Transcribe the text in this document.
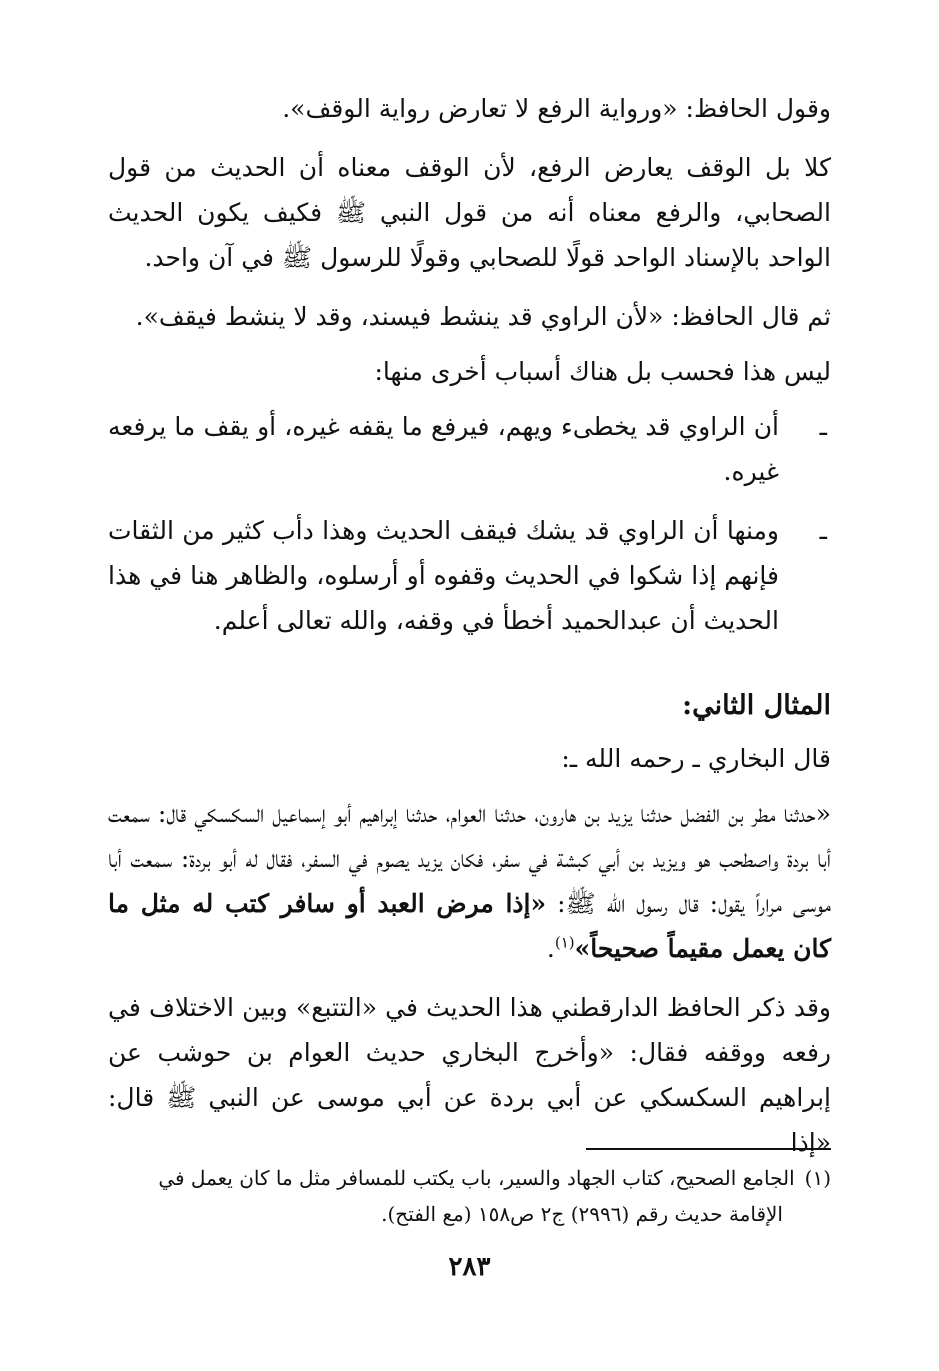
وقول الحافظ: «ورواية الرفع لا تعارض رواية الوقف».

كلا بل الوقف يعارض الرفع، لأن الوقف معناه أن الحديث من قول الصحابي، والرفع معناه أنه من قول النبي ﷺ فكيف يكون الحديث الواحد بالإسناد الواحد قولًا للصحابي وقولًا للرسول ﷺ في آن واحد.

ثم قال الحافظ: «لأن الراوي قد ينشط فيسند، وقد لا ينشط فيقف».

ليس هذا فحسب بل هناك أسباب أخرى منها:

ـ
أن الراوي قد يخطىء ويهم، فيرفع ما يقفه غيره، أو يقف ما يرفعه غيره.
ـ
ومنها أن الراوي قد يشك فيقف الحديث وهذا دأب كثير من الثقات فإنهم إذا شكوا في الحديث وقفوه أو أرسلوه، والظاهر هنا في هذا الحديث أن عبدالحميد أخطأ في وقفه، والله تعالى أعلم.
المثال الثاني:

قال البخاري ـ رحمه الله ـ:

«حدثنا مطر بن الفضل حدثنا يزيد بن هارون، حدثنا العوام، حدثنا إبراهيم أبو إسماعيل السكسكي قال: سمعت أبا بردة واصطحب هو ويزيد بن أبي كبشة في سفر، فكان يزيد يصوم في السفر، فقال له أبو بردة: سمعت أبا موسى مراراً يقول: قال رسول الله ﷺ: «إذا مرض العبد أو سافر كتب له مثل ما كان يعمل مقيماً صحيحاً»$^{(١)}$.

وقد ذكر الحافظ الدارقطني هذا الحديث في «التتبع» وبين الاختلاف في رفعه ووقفه فقال: «وأخرج البخاري حديث العوام بن حوشب عن إبراهيم السكسكي عن أبي بردة عن أبي موسى عن النبي ﷺ قال: «إذا

(١)الجامع الصحيح، كتاب الجهاد والسير، باب يكتب للمسافر مثل ما كان يعمل في
الإقامة حديث رقم (٢٩٩٦) ج٢ ص١٥٨ (مع الفتح).
٢٨٣
